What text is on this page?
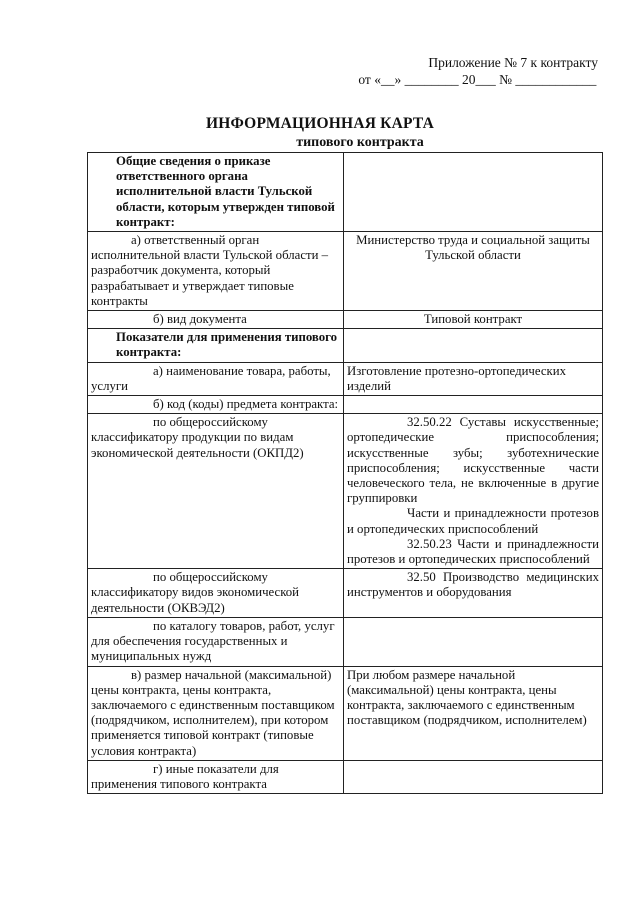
Приложение № 7 к контракту
от «__» ________ 20___ № ____________
ИНФОРМАЦИОННАЯ КАРТА
типового контракта
Общие сведения о приказе ответственного органа исполнительной власти Тульской области, которым утвержден типовой контракт:	
а) ответственный орган исполнительной власти Тульской области – разработчик документа, который разрабатывает и утверждает типовые контракты	Министерство труда и социальной защиты Тульской области
б) вид документа	Типовой контракт
Показатели для применения типового контракта:	
а) наименование товара, работы, услуги	Изготовление протезно-ортопедических изделий
б) код (коды) предмета контракта:	
по общероссийскому классификатору продукции по видам экономической деятельности (ОКПД2)	32.50.22 Суставы искусственные; ортопедические приспособления; искусственные зубы; зуботехнические приспособления; искусственные части человеческого тела, не включенные в другие группировки
Части и принадлежности протезов и ортопедических приспособлений
32.50.23 Части и принадлежности протезов и ортопедических приспособлений

по общероссийскому классификатору видов экономической деятельности (ОКВЭД2)	32.50 Производство медицинских инструментов и оборудования
по каталогу товаров, работ, услуг для обеспечения государственных и муниципальных нужд	
в) размер начальной (максимальной) цены контракта, цены контракта, заключаемого с единственным поставщиком (подрядчиком, исполнителем), при котором применяется типовой контракт (типовые условия контракта)	При любом размере начальной (максимальной) цены контракта, цены контракта, заключаемого с единственным поставщиком (подрядчиком, исполнителем)
г) иные показатели для применения типового контракта	
